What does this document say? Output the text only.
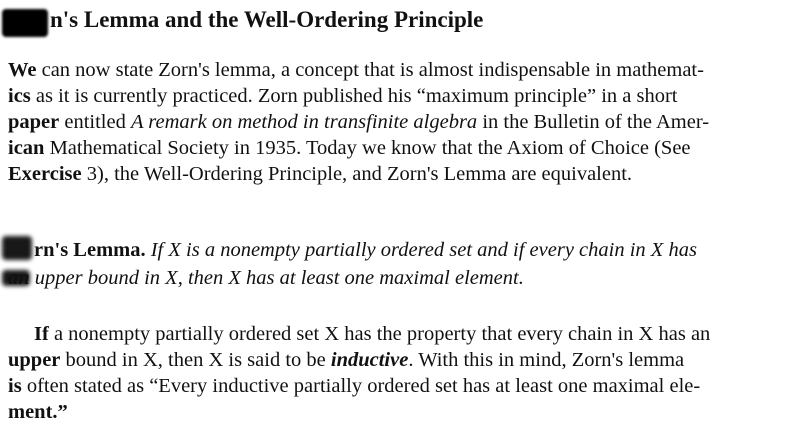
n's Lemma and the Well-Ordering Principle
We can now state Zorn's lemma, a concept that is almost indispensable in mathemat-
ics as it is currently practiced. Zorn published his “maximum principle” in a short
paper entitled A remark on method in transfinite algebra in the Bulletin of the Amer-
ican Mathematical Society in 1935. Today we know that the Axiom of Choice (See
Exercise 3), the Well-Ordering Principle, and Zorn's Lemma are equivalent.
rn's Lemma. If X is a nonempty partially ordered set and if every chain in X has
an upper bound in X, then X has at least one maximal element.
If a nonempty partially ordered set X has the property that every chain in X has an
upper bound in X, then X is said to be inductive. With this in mind, Zorn's lemma
is often stated as “Every inductive partially ordered set has at least one maximal ele-
ment.”
